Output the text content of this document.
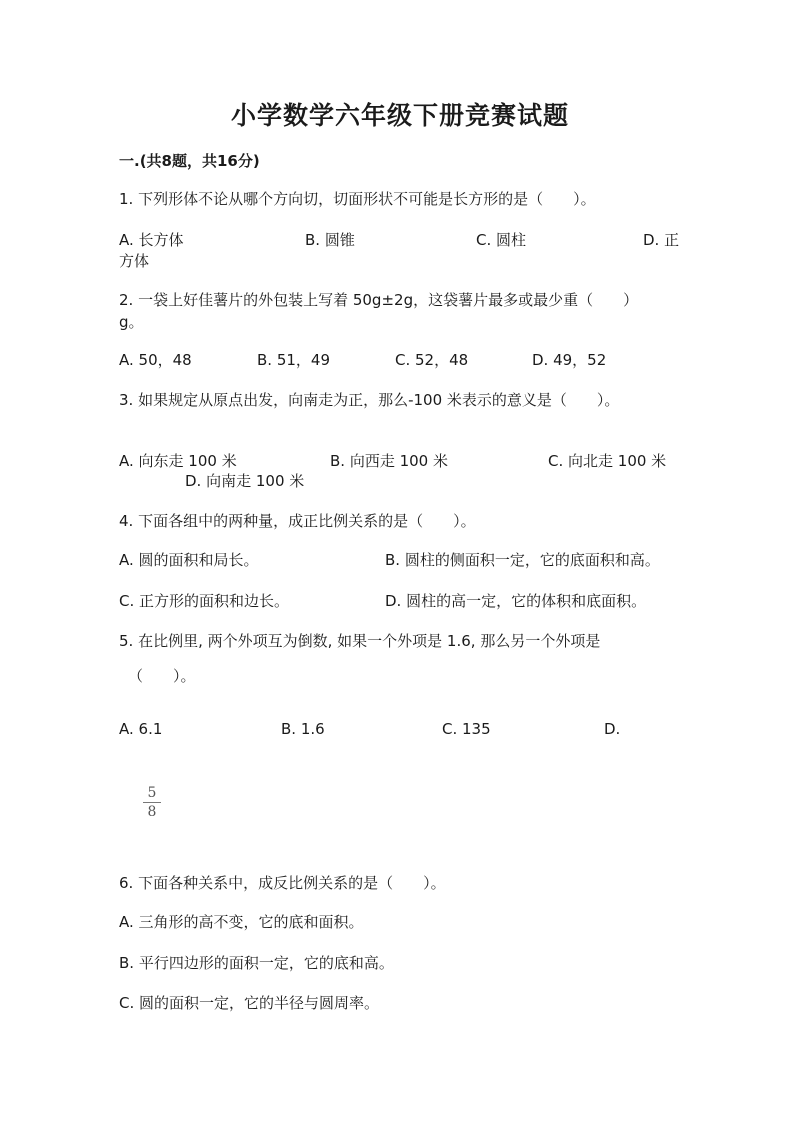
小学数学六年级下册竞赛试题
一.(共8题，共16分)
1. 下列形体不论从哪个方向切，切面形状不可能是长方形的是（　　）。
A. 长方体	B. 圆锥	C. 圆柱	D. 正
方体
2. 一袋上好佳薯片的外包装上写着 50g±2g，这袋薯片最多或最少重（　　）
g。
A. 50，48	B. 51，49	C. 52，48	D. 49，52
3. 如果规定从原点出发，向南走为正，那么-100 米表示的意义是（　　）。
A. 向东走 100 米	B. 向西走 100 米	C. 向北走 100 米
D. 向南走 100 米
4. 下面各组中的两种量，成正比例关系的是（　　）。
A. 圆的面积和局长。	B. 圆柱的侧面积一定，它的底面积和高。
C. 正方形的面积和边长。	D. 圆柱的高一定，它的体积和底面积。
5. 在比例里, 两个外项互为倒数, 如果一个外项是 1.6, 那么另一个外项是
（　　）。
A. 6.1	B. 1.6	C. 135	D.
5
8
6. 下面各种关系中，成反比例关系的是（　　）。
A. 三角形的高不变，它的底和面积。
B. 平行四边形的面积一定，它的底和高。
C. 圆的面积一定，它的半径与圆周率。
